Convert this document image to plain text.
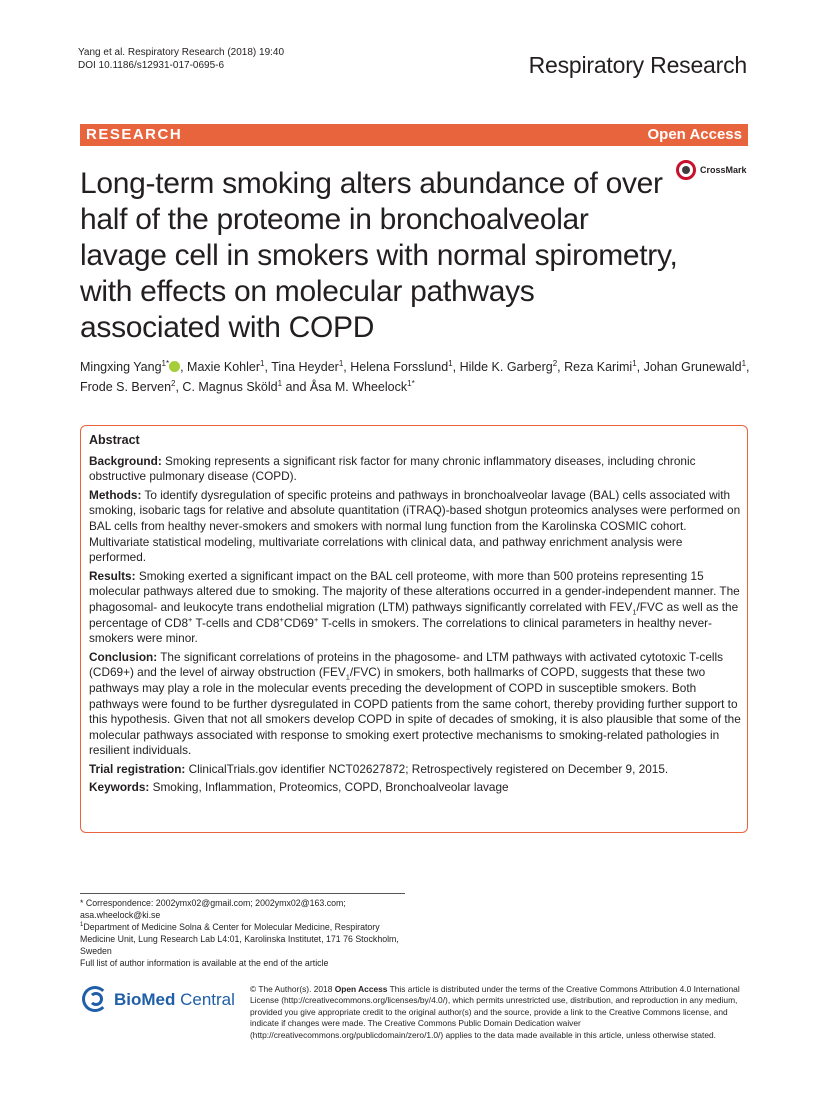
Yang et al. Respiratory Research (2018) 19:40
DOI 10.1186/s12931-017-0695-6	Respiratory Research
RESEARCH	Open Access
CrossMark
Long-term smoking alters abundance of over half of the proteome in bronchoalveolar lavage cell in smokers with normal spirometry, with effects on molecular pathways associated with COPD
Mingxing Yang$^{1*}$ , Maxie Kohler$^1$, Tina Heyder$^1$, Helena Forsslund$^1$, Hilde K. Garberg$^2$, Reza Karimi$^1$, Johan Grunewald$^1$, Frode S. Berven$^2$, C. Magnus Sköld$^1$ and Åsa M. Wheelock$^{1*}$
Abstract

Background: Smoking represents a significant risk factor for many chronic inflammatory diseases, including chronic obstructive pulmonary disease (COPD).

Methods: To identify dysregulation of specific proteins and pathways in bronchoalveolar lavage (BAL) cells associated with smoking, isobaric tags for relative and absolute quantitation (iTRAQ)-based shotgun proteomics analyses were performed on BAL cells from healthy never-smokers and smokers with normal lung function from the Karolinska COSMIC cohort. Multivariate statistical modeling, multivariate correlations with clinical data, and pathway enrichment analysis were performed.

Results: Smoking exerted a significant impact on the BAL cell proteome, with more than 500 proteins representing 15 molecular pathways altered due to smoking. The majority of these alterations occurred in a gender-independent manner. The phagosomal- and leukocyte trans endothelial migration (LTM) pathways significantly correlated with $FEV_1$/FVC as well as the percentage of CD8+ T-cells and CD8+CD69+ T-cells in smokers. The correlations to clinical parameters in healthy never-smokers were minor.

Conclusion: The significant correlations of proteins in the phagosome- and LTM pathways with activated cytotoxic T-cells (CD69+) and the level of airway obstruction $(FEV_1/FVC)$ in smokers, both hallmarks of COPD, suggests that these two pathways may play a role in the molecular events preceding the development of COPD in susceptible smokers. Both pathways were found to be further dysregulated in COPD patients from the same cohort, thereby providing further support to this hypothesis. Given that not all smokers develop COPD in spite of decades of smoking, it is also plausible that some of the molecular pathways associated with response to smoking exert protective mechanisms to smoking-related pathologies in resilient individuals.

Trial registration: ClinicalTrials.gov identifier NCT02627872; Retrospectively registered on December 9, 2015.

Keywords: Smoking, Inflammation, Proteomics, COPD, Bronchoalveolar lavage

* Correspondence: 2002ymx02@gmail.com; 2002ymx02@163.com; asa.wheelock@ki.se
$^1$Department of Medicine Solna & Center for Molecular Medicine, Respiratory Medicine Unit, Lung Research Lab L4:01, Karolinska Institutet, 171 76 Stockholm, Sweden
Full list of author information is available at the end of the article
BioMed Central
© The Author(s). 2018 Open Access This article is distributed under the terms of the Creative Commons Attribution 4.0 International License (http://creativecommons.org/licenses/by/4.0/), which permits unrestricted use, distribution, and reproduction in any medium, provided you give appropriate credit to the original author(s) and the source, provide a link to the Creative Commons license, and indicate if changes were made. The Creative Commons Public Domain Dedication waiver (http://creativecommons.org/publicdomain/zero/1.0/) applies to the data made available in this article, unless otherwise stated.
